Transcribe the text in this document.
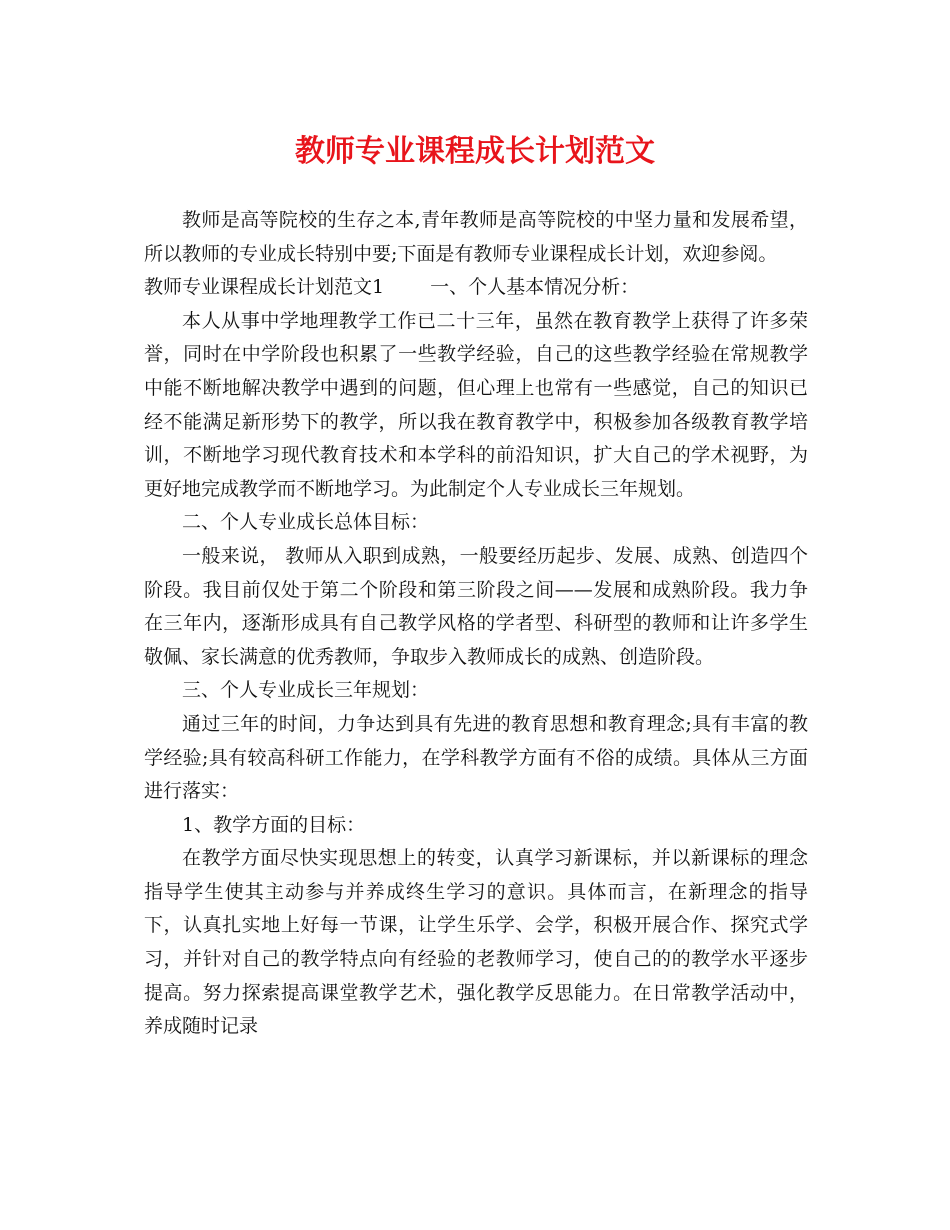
教师专业课程成长计划范文

教师是高等院校的生存之本,青年教师是高等院校的中坚力量和发展希望，所以教师的专业成长特别中要;下面是有教师专业课程成长计划，欢迎参阅。

教师专业课程成长计划范文1 一、个人基本情况分析：

本人从事中学地理教学工作已二十三年，虽然在教育教学上获得了许多荣誉，同时在中学阶段也积累了一些教学经验，自己的这些教学经验在常规教学中能不断地解决教学中遇到的问题，但心理上也常有一些感觉，自己的知识已经不能满足新形势下的教学，所以我在教育教学中，积极参加各级教育教学培训，不断地学习现代教育技术和本学科的前沿知识，扩大自己的学术视野，为更好地完成教学而不断地学习。为此制定个人专业成长三年规划。

二、个人专业成长总体目标：

一般来说， 教师从入职到成熟，一般要经历起步、发展、成熟、创造四个阶段。我目前仅处于第二个阶段和第三阶段之间——发展和成熟阶段。我力争在三年内，逐渐形成具有自己教学风格的学者型、科研型的教师和让许多学生敬佩、家长满意的优秀教师，争取步入教师成长的成熟、创造阶段。

三、个人专业成长三年规划：

通过三年的时间，力争达到具有先进的教育思想和教育理念;具有丰富的教学经验;具有较高科研工作能力，在学科教学方面有不俗的成绩。具体从三方面进行落实：

1、教学方面的目标：

在教学方面尽快实现思想上的转变，认真学习新课标，并以新课标的理念指导学生使其主动参与并养成终生学习的意识。具体而言，在新理念的指导下，认真扎实地上好每一节课，让学生乐学、会学，积极开展合作、探究式学习，并针对自己的教学特点向有经验的老教师学习，使自己的的教学水平逐步提高。努力探索提高课堂教学艺术，强化教学反思能力。在日常教学活动中，养成随时记录
